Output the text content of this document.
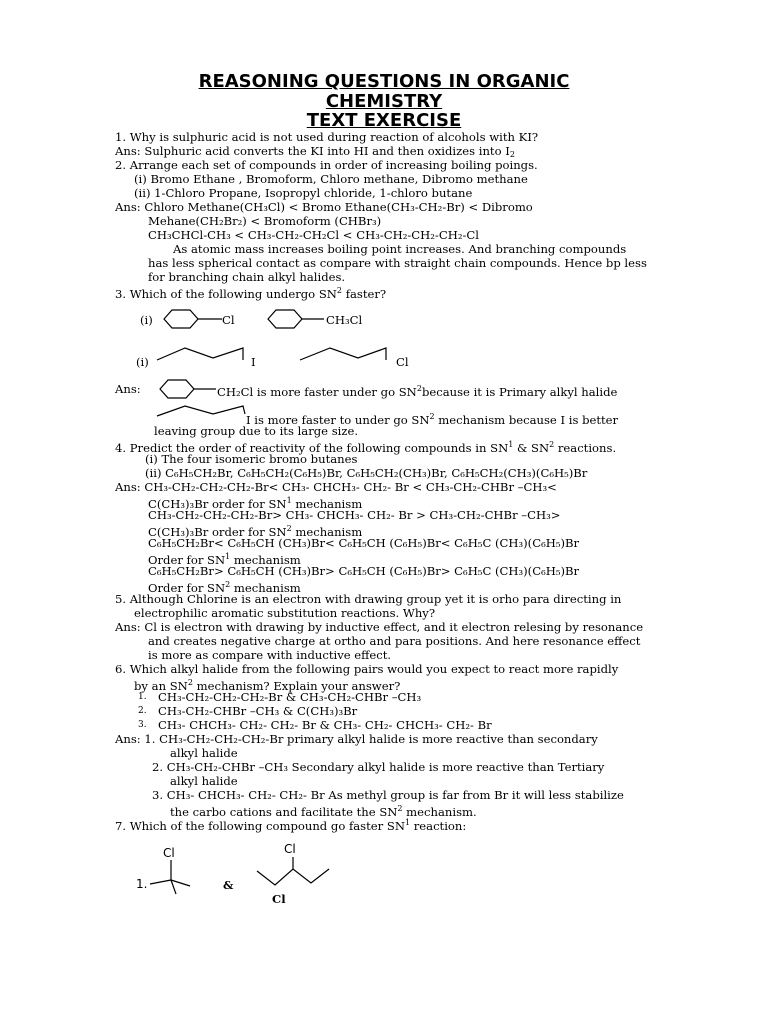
REASONING QUESTIONS IN ORGANIC
CHEMISTRY
TEXT EXERCISE
1. Why is sulphuric acid is not used during reaction of alcohols with KI?
Ans: Sulphuric acid converts the KI into HI and then oxidizes into $I_2$
2. Arrange each set of compounds in order of increasing boiling poings.
(i) Bromo Ethane , Bromoform, Chloro methane, Dibromo methane
(ii) 1-Chloro Propane, Isopropyl chloride, 1-chloro butane
Ans: Chloro Methane(CH₃Cl) < Bromo Ethane(CH₃-CH₂-Br) < Dibromo
Mehane(CH₂Br₂) < Bromoform (CHBr₃)
CH₃CHCl-CH₃ < CH₃-CH₂-CH₂Cl < CH₃-CH₂-CH₂-CH₂-Cl
As atomic mass increases boiling point increases. And branching compounds
has less spherical contact as compare with straight chain compounds. Hence bp less
for branching chain alkyl halides.
3. Which of the following undergo $SN^2$ faster?
(i)	Cl	CH₃Cl
(i)	I	Cl
Ans:	CH₂Cl is more faster under go $SN^2because$ it is Primary alkyl halide
I is more faster to under go $SN^2$ mechanism because I is better
leaving group due to its large size.
4. Predict the order of reactivity of the following compounds in $SN^1$ & $SN^2$ reactions.
(i) The four isomeric bromo butanes
(ii) C₆H₅CH₂Br, C₆H₅CH₂(C₆H₅)Br, C₆H₅CH₂(CH₃)Br, C₆H₅CH₂(CH₃)(C₆H₅)Br
Ans: CH₃-CH₂-CH₂-CH₂-Br< CH₃- CHCH₃- CH₂- Br < CH₃-CH₂-CHBr –CH₃<
C(CH₃)₃Br order for $SN^1$ mechanism
CH₃-CH₂-CH₂-CH₂-Br> CH₃- CHCH₃- CH₂- Br > CH₃-CH₂-CHBr –CH₃>
C(CH₃)₃Br order for $SN^2$ mechanism
C₆H₅CH₂Br< C₆H₅CH (CH₃)Br< C₆H₅CH (C₆H₅)Br< C₆H₅C (CH₃)(C₆H₅)Br
Order for $SN^1$ mechanism
C₆H₅CH₂Br> C₆H₅CH (CH₃)Br> C₆H₅CH (C₆H₅)Br> C₆H₅C (CH₃)(C₆H₅)Br
Order for $SN^2$ mechanism
5. Although Chlorine is an electron with drawing group yet it is orho para directing in
electrophilic aromatic substitution reactions. Why?
Ans: Cl is electron with drawing by inductive effect, and it electron relesing by resonance
and creates negative charge at ortho and para positions. And here resonance effect
is more as compare with inductive effect.
6. Which alkyl halide from the following pairs would you expect to react more rapidly
by an $SN^2$ mechanism? Explain your answer?
1. CH₃-CH₂-CH₂-CH₂-Br & CH₃-CH₂-CHBr –CH₃
2. CH₃-CH₂-CHBr –CH₃ & C(CH₃)₃Br
3. CH₃- CHCH₃- CH₂- CH₂- Br & CH₃- CH₂- CHCH₃- CH₂- Br
Ans: 1. CH₃-CH₂-CH₂-CH₂-Br primary alkyl halide is more reactive than secondary
alkyl halide
2. CH₃-CH₂-CHBr –CH₃ Secondary alkyl halide is more reactive than Tertiary
alkyl halide
3. CH₃- CHCH₃- CH₂- CH₂- Br As methyl group is far from Br it will less stabilize
the carbo cations and facilitate the $SN^2$ mechanism.
7. Which of the following compound go faster $SN^1$ reaction:
1.
Cl
&
Cl
Cl
